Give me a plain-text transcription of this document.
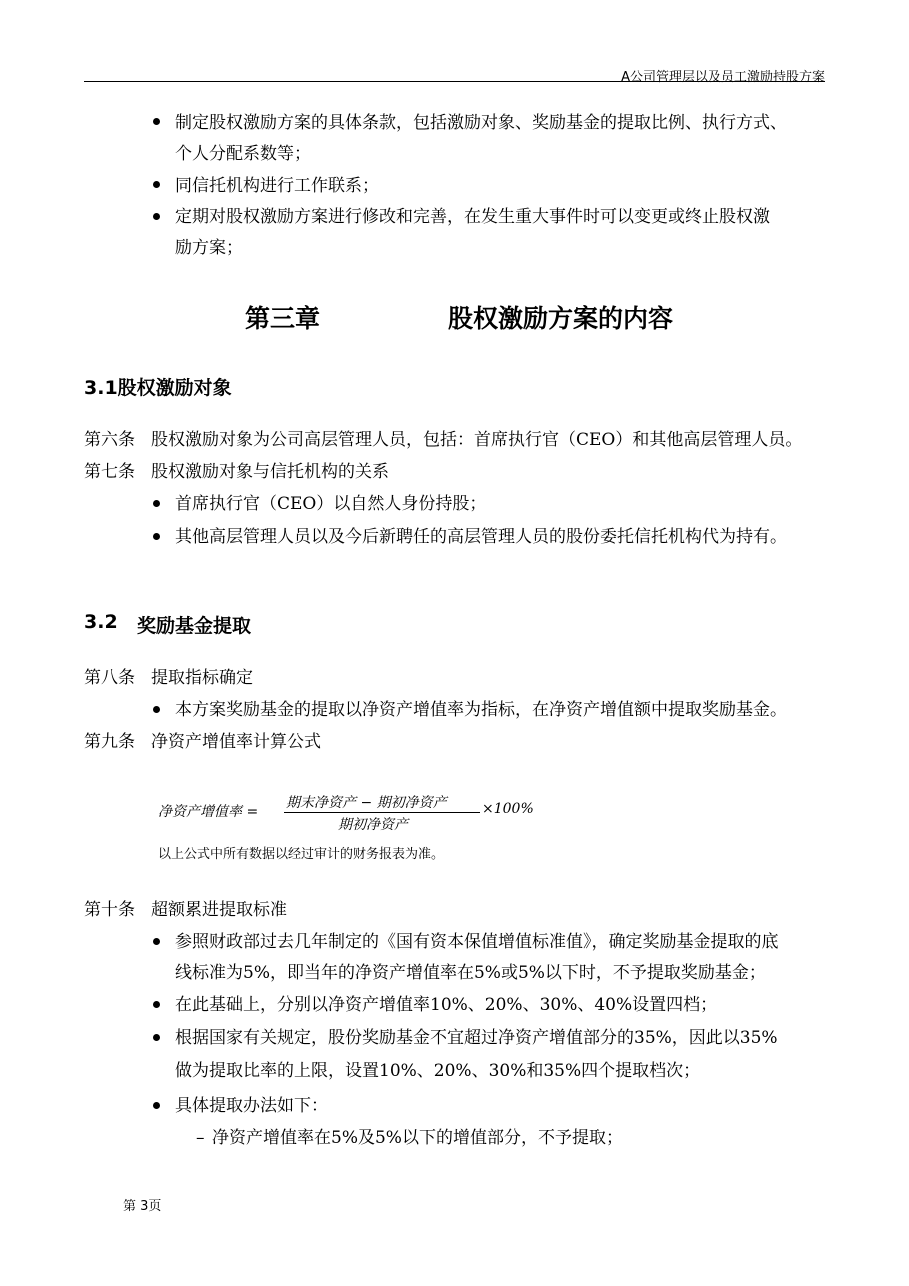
A公司管理层以及员工激励持股方案
制定股权激励方案的具体条款，包括激励对象、奖励基金的提取比例、执行方式、
个人分配系数等；
同信托机构进行工作联系；
定期对股权激励方案进行修改和完善，在发生重大事件时可以变更或终止股权激
励方案；
第三章	股权激励方案的内容
3.1股权激励对象
第六条 股权激励对象为公司高层管理人员，包括：首席执行官（CEO）和其他高层管理人员。
第七条 股权激励对象与信托机构的关系
首席执行官（CEO）以自然人身份持股；
其他高层管理人员以及今后新聘任的高层管理人员的股份委托信托机构代为持有。
3.2 奖励基金提取
第八条 提取指标确定
本方案奖励基金的提取以净资产增值率为指标，在净资产增值额中提取奖励基金。
第九条 净资产增值率计算公式
净资产增值率 =
期末净资产 − 期初净资产
期初净资产
×100%
以上公式中所有数据以经过审计的财务报表为准。
第十条 超额累进提取标准
参照财政部过去几年制定的《国有资本保值增值标准值》，确定奖励基金提取的底
线标准为5%，即当年的净资产增值率在5%或5%以下时，不予提取奖励基金；
在此基础上，分别以净资产增值率10%、20%、30%、40%设置四档；
根据国家有关规定，股份奖励基金不宜超过净资产增值部分的35%，因此以35%
做为提取比率的上限，设置10%、20%、30%和35%四个提取档次；
具体提取办法如下：
– 净资产增值率在5%及5%以下的增值部分，不予提取；
第 3页
